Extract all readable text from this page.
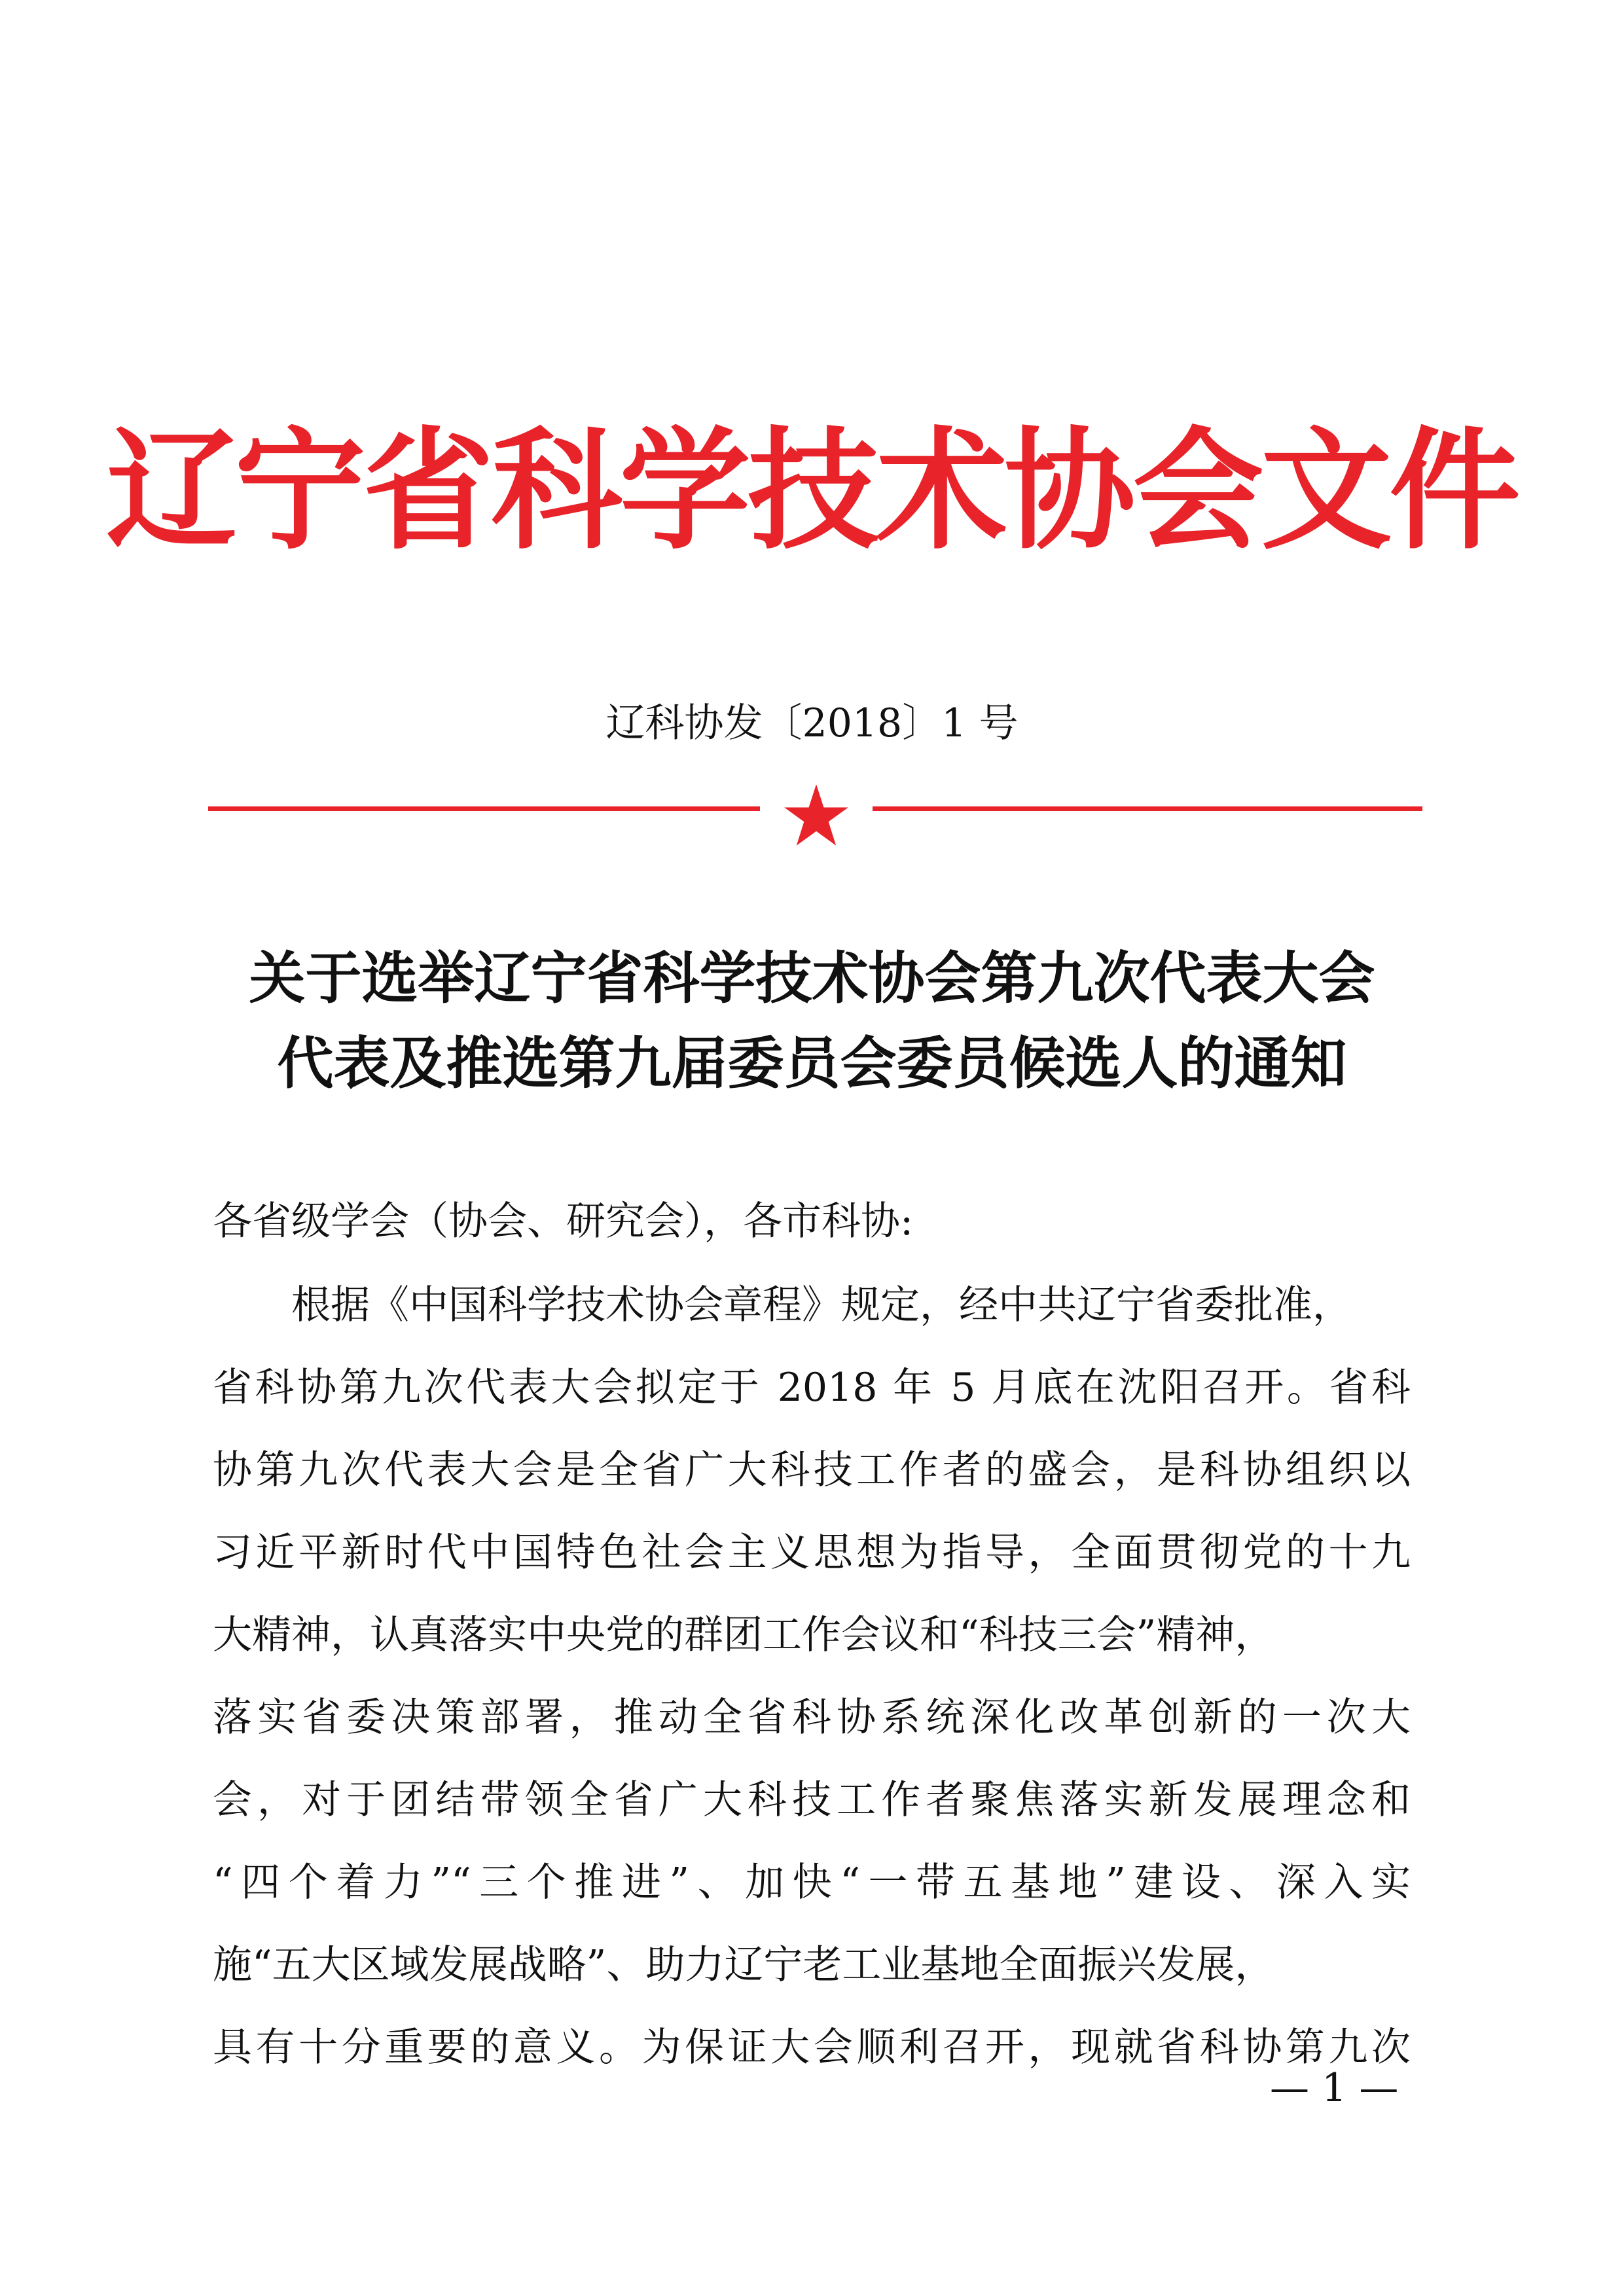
辽宁省科学技术协会文件
辽科协发〔2018〕1 号
关于选举辽宁省科学技术协会第九次代表大会
代表及推选第九届委员会委员候选人的通知
各省级学会（协会、研究会），各市科协:
根据《中国科学技术协会章程》规定，经中共辽宁省委批准，
省科协第九次代表大会拟定于 2018 年 5 月底在沈阳召开。省科
协第九次代表大会是全省广大科技工作者的盛会，是科协组织以
习近平新时代中国特色社会主义思想为指导，全面贯彻党的十九
大精神，认真落实中央党的群团工作会议和“科技三会”精神，
落实省委决策部署，推动全省科协系统深化改革创新的一次大
会，对于团结带领全省广大科技工作者聚焦落实新发展理念和
“四个着力”“三个推进”、加快“一带五基地”建设、深入实
施“五大区域发展战略”、助力辽宁老工业基地全面振兴发展，
具有十分重要的意义。为保证大会顺利召开，现就省科协第九次
— 1 —
